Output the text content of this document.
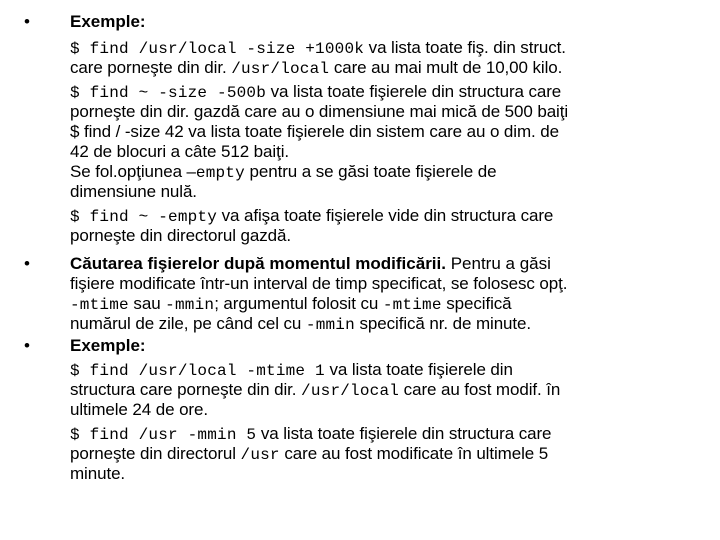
• Exemple:
$ find /usr/local -size +1000k va lista toate fiş. din struct.
care porneşte din dir. /usr/local care au mai mult de 10,00 kilo.
$ find ~ -size -500b va lista toate fişierele din structura care
porneşte din dir. gazdă care au o dimensiune mai mică de 500 baiţi
$ find / -size 42 va lista toate fişierele din sistem care au o dim. de
42 de blocuri a câte 512 baiţi.
Se fol.opţiunea –empty pentru a se găsi toate fişierele de
dimensiune nulă.
$ find ~ -empty va afişa toate fişierele vide din structura care
porneşte din directorul gazdă.
• Căutarea fişierelor după momentul modificării. Pentru a găsi
fişiere modificate într-un interval de timp specificat, se folosesc opţ.
-mtime sau -mmin; argumentul folosit cu -mtime specifică
numărul de zile, pe când cel cu -mmin specifică nr. de minute.
• Exemple:
$ find /usr/local -mtime 1 va lista toate fişierele din
structura care porneşte din dir. /usr/local care au fost modif. în
ultimele 24 de ore.
$ find /usr -mmin 5 va lista toate fişierele din structura care
porneşte din directorul /usr care au fost modificate în ultimele 5
minute.
